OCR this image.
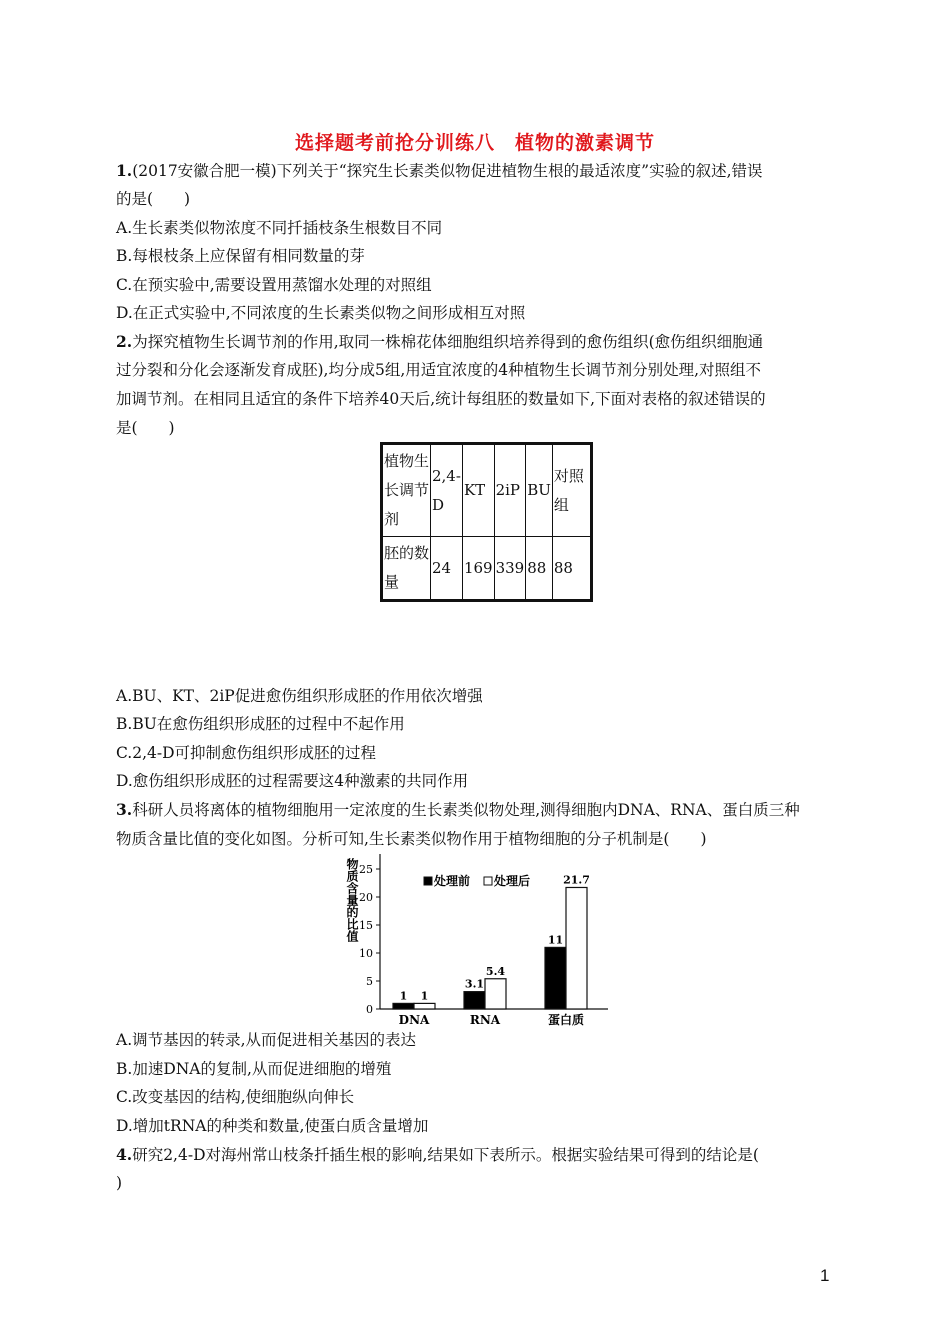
选择题考前抢分训练八　植物的激素调节
1.(2017安徽合肥一模)下列关于“探究生长素类似物促进植物生根的最适浓度”实验的叙述,错误
的是(　　)
A.生长素类似物浓度不同扦插枝条生根数目不同
B.每根枝条上应保留有相同数量的芽
C.在预实验中,需要设置用蒸馏水处理的对照组
D.在正式实验中,不同浓度的生长素类似物之间形成相互对照
2.为探究植物生长调节剂的作用,取同一株棉花体细胞组织培养得到的愈伤组织(愈伤组织细胞通
过分裂和分化会逐渐发育成胚),均分成5组,用适宜浓度的4种植物生长调节剂分别处理,对照组不
加调节剂。在相同且适宜的条件下培养40天后,统计每组胚的数量如下,下面对表格的叙述错误的
是(　　)
植物生长调节剂	2,4-D	KT	2iP	BU	对照组
胚的数量	24	169	339	88	88
A.BU、KT、2iP促进愈伤组织形成胚的作用依次增强
B.BU在愈伤组织形成胚的过程中不起作用
C.2,4-D可抑制愈伤组织形成胚的过程
D.愈伤组织形成胚的过程需要这4种激素的共同作用
3.科研人员将离体的植物细胞用一定浓度的生长素类似物处理,测得细胞内DNA、RNA、蛋白质三种
物质含量比值的变化如图。分析可知,生长素类似物作用于植物细胞的分子机制是(　　)
0
5
10
15
20
25
物质含量的比值
DNA
1 1
RNA
3.1
5.4
蛋白质
11
21.7
处理前 处理后
A.调节基因的转录,从而促进相关基因的表达
B.加速DNA的复制,从而促进细胞的增殖
C.改变基因的结构,使细胞纵向伸长
D.增加tRNA的种类和数量,使蛋白质含量增加
4.研究2,4-D对海州常山枝条扦插生根的影响,结果如下表所示。根据实验结果可得到的结论是(
)
1
